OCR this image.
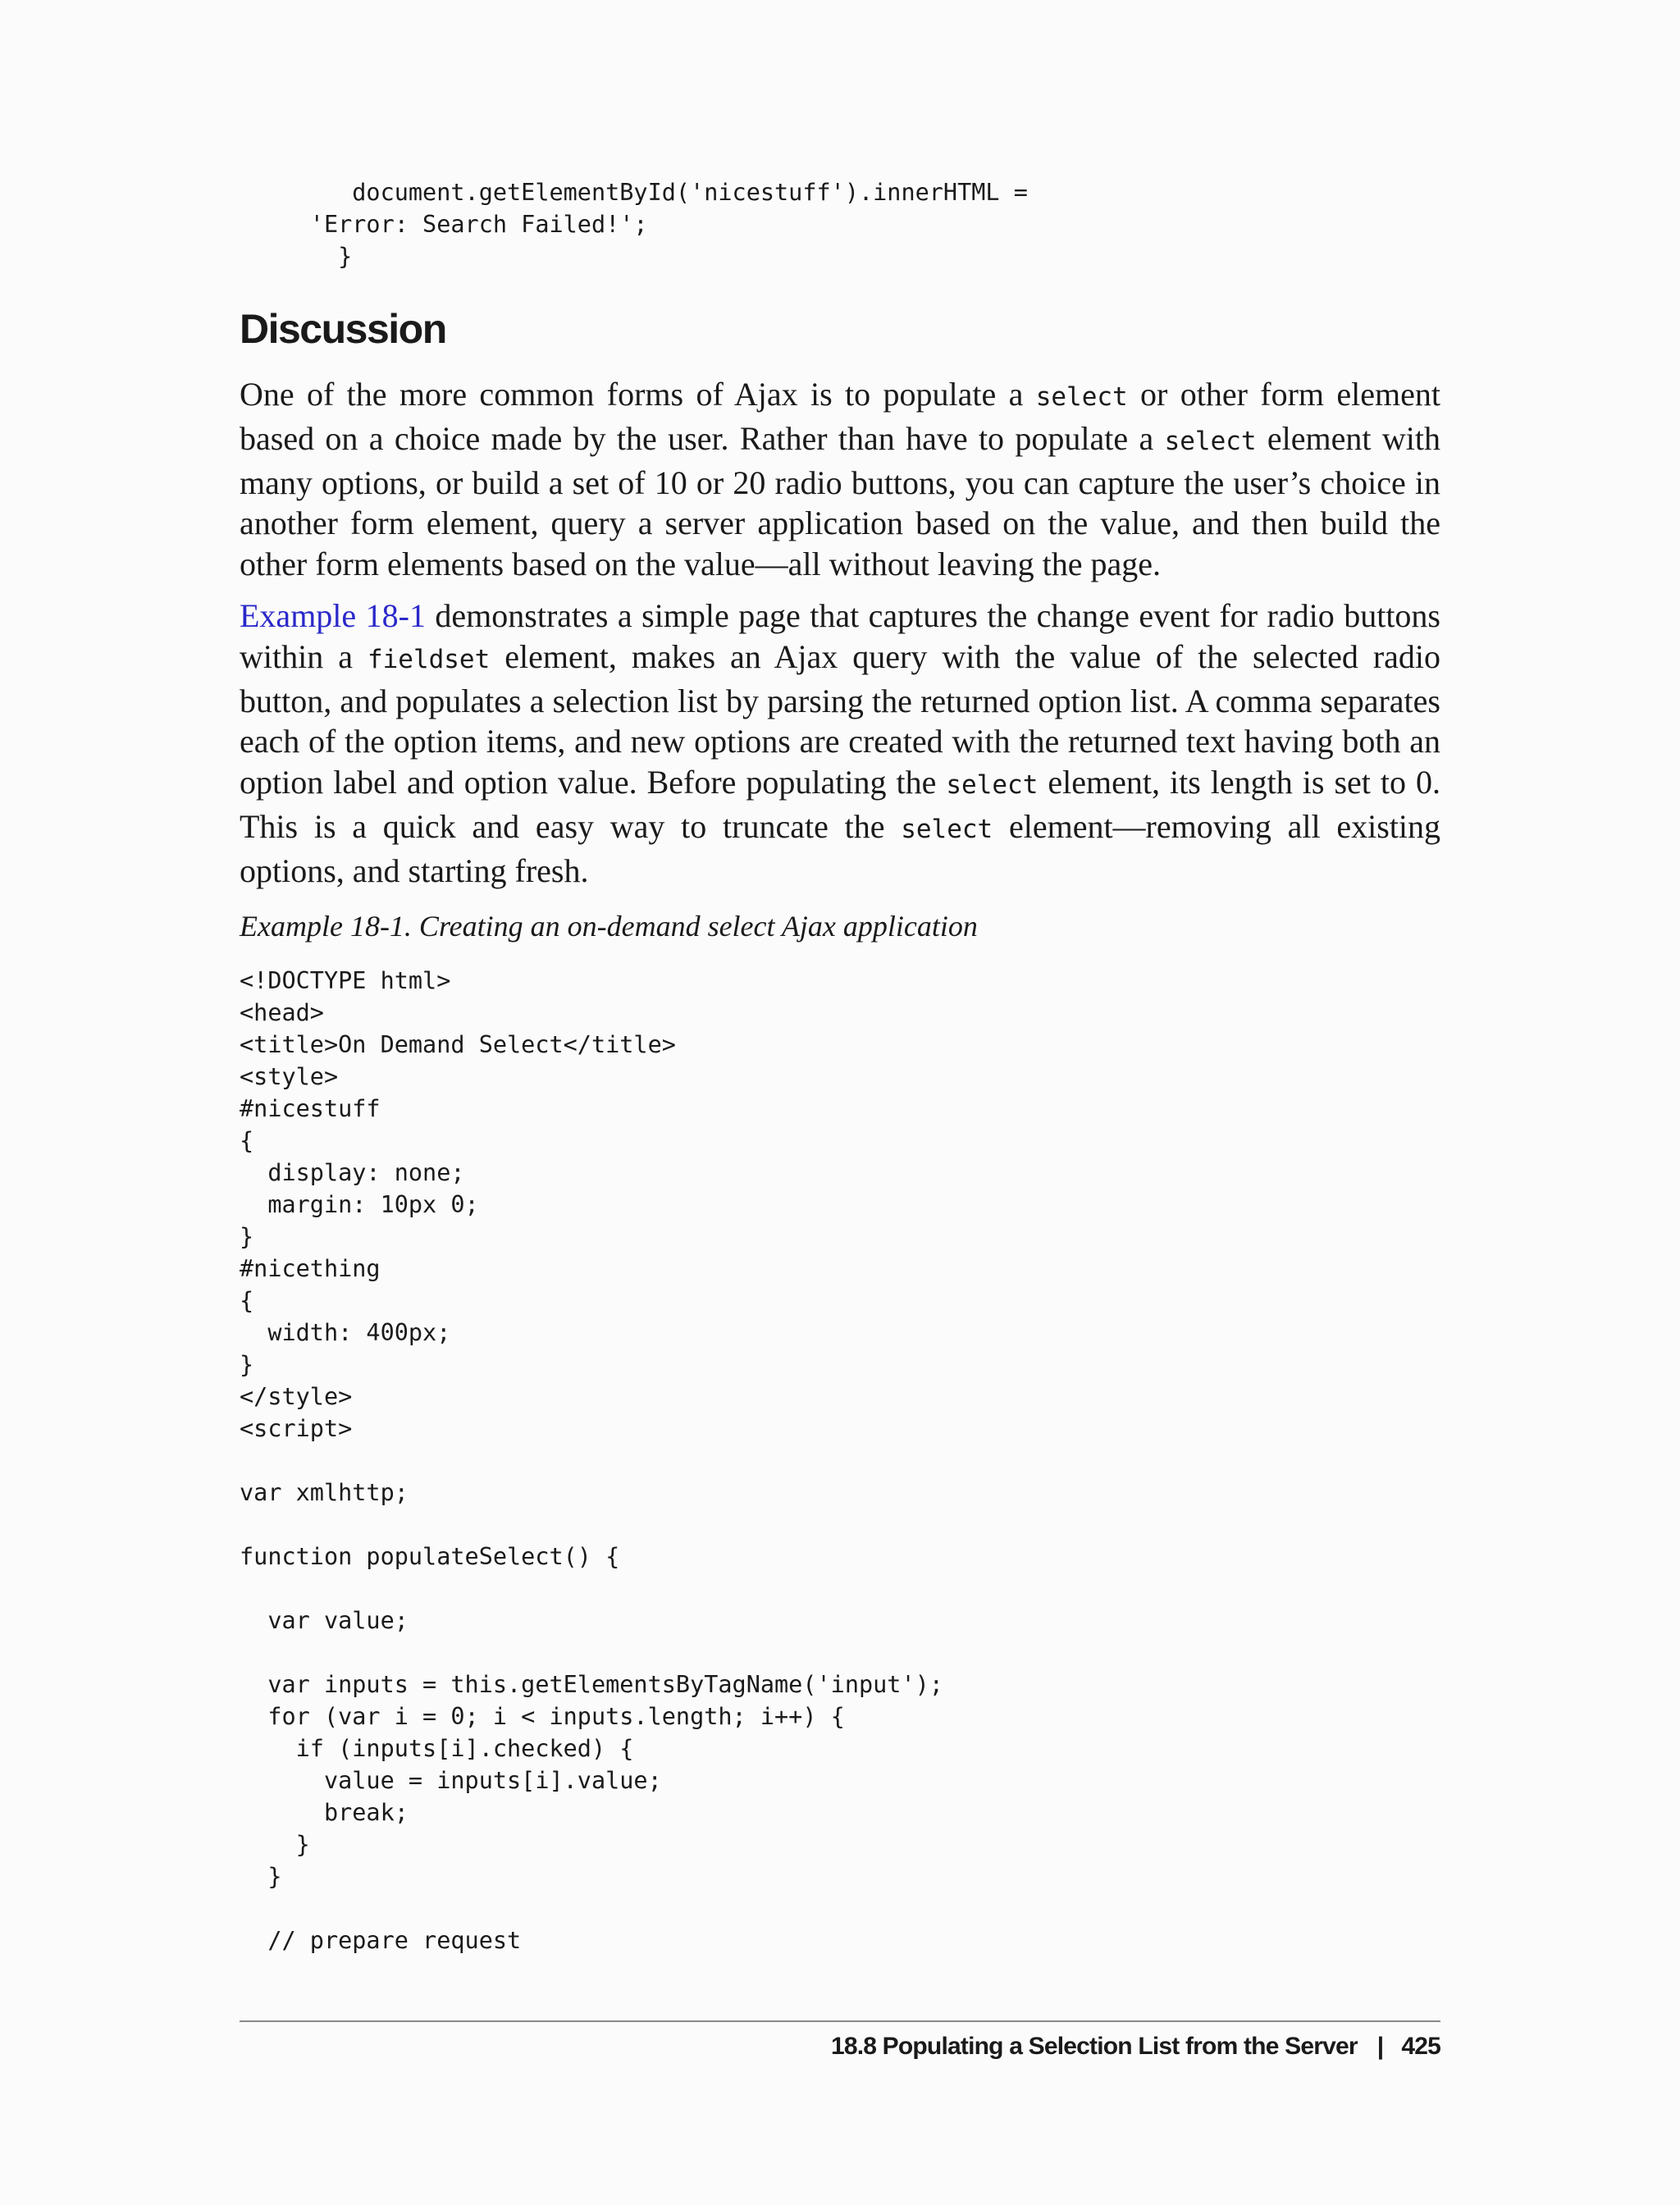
document.getElementById('nicestuff').innerHTML =
'Error: Search Failed!';
}
Discussion

One of the more common forms of Ajax is to populate a select or other form element based on a choice made by the user. Rather than have to populate a select element with many options, or build a set of 10 or 20 radio buttons, you can capture the user’s choice in another form element, query a server application based on the value, and then build the other form elements based on the value—all without leaving the page.

Example 18-1 demonstrates a simple page that captures the change event for radio buttons within a fieldset element, makes an Ajax query with the value of the selected radio button, and populates a selection list by parsing the returned option list. A comma separates each of the option items, and new options are created with the returned text having both an option label and option value. Before populating the select element, its length is set to 0. This is a quick and easy way to truncate the select element—removing all existing options, and starting fresh.

Example 18-1. Creating an on-demand select Ajax application

<!DOCTYPE html>
<head>
<title>On Demand Select</title>
<style>
#nicestuff
{
display: none;
margin: 10px 0;
}
#nicething
{
width: 400px;
}
</style>
<script>

var xmlhttp;

function populateSelect() {

var value;

var inputs = this.getElementsByTagName('input');
for (var i = 0; i < inputs.length; i++) {
if (inputs[i].checked) {
value = inputs[i].value;
break;
}
}

// prepare request
18.8 Populating a Selection List from the Server | 425
